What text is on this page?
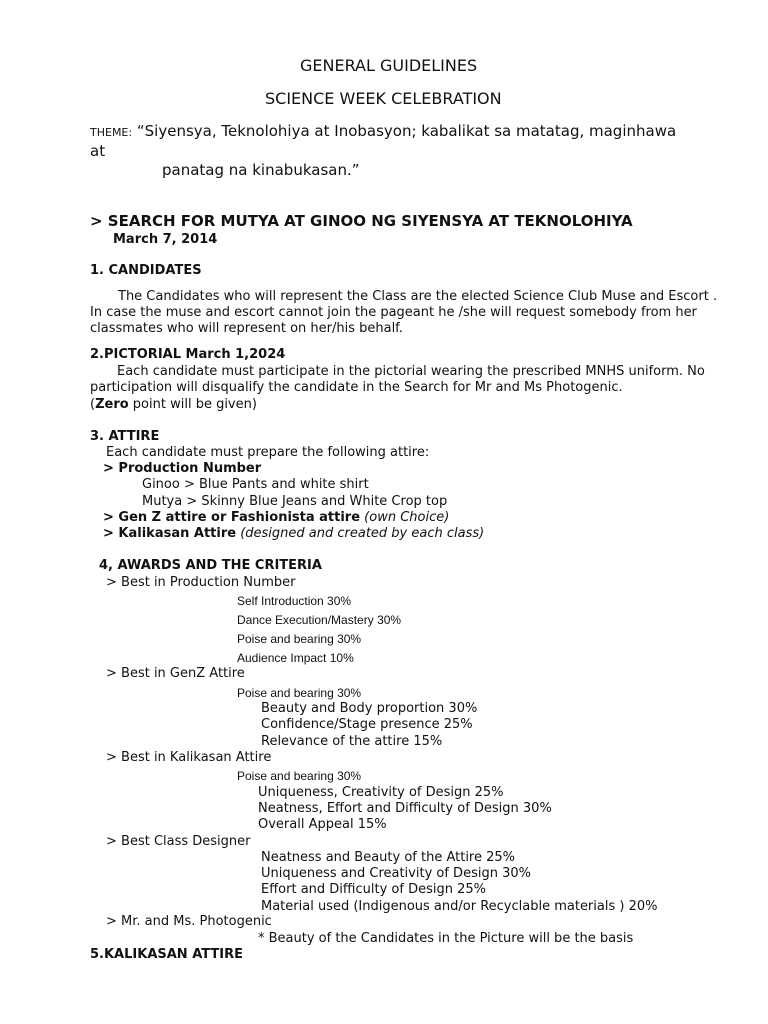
GENERAL GUIDELINES
SCIENCE WEEK CELEBRATION
THEME: “Siyensya, Teknolohiya at Inobasyon; kabalikat sa matatag, maginhawa
at
panatag na kinabukasan.”
> SEARCH FOR MUTYA AT GINOO NG SIYENSYA AT TEKNOLOHIYA
March 7, 2014
1. CANDIDATES
The Candidates who will represent the Class are the elected Science Club Muse and Escort .
In case the muse and escort cannot join the pageant he /she will request somebody from her
classmates who will represent on her/his behalf.
2.PICTORIAL March 1,2024
Each candidate must participate in the pictorial wearing the prescribed MNHS uniform. No
participation will disqualify the candidate in the Search for Mr and Ms Photogenic.
(Zero point will be given)
3. ATTIRE
Each candidate must prepare the following attire:
> Production Number
Ginoo > Blue Pants and white shirt
Mutya > Skinny Blue Jeans and White Crop top
> Gen Z attire or Fashionista attire (own Choice)
> Kalikasan Attire (designed and created by each class)
4, AWARDS AND THE CRITERIA
> Best in Production Number
Self Introduction 30%
Dance Execution/Mastery 30%
Poise and bearing 30%
Audience Impact 10%
> Best in GenZ Attire
Poise and bearing 30%
Beauty and Body proportion 30%
Confidence/Stage presence 25%
Relevance of the attire 15%
> Best in Kalikasan Attire
Poise and bearing 30%
Uniqueness, Creativity of Design 25%
Neatness, Effort and Difficulty of Design 30%
Overall Appeal 15%
> Best Class Designer
Neatness and Beauty of the Attire 25%
Uniqueness and Creativity of Design 30%
Effort and Difficulty of Design 25%
Material used (Indigenous and/or Recyclable materials ) 20%
> Mr. and Ms. Photogenic
* Beauty of the Candidates in the Picture will be the basis
5.KALIKASAN ATTIRE
